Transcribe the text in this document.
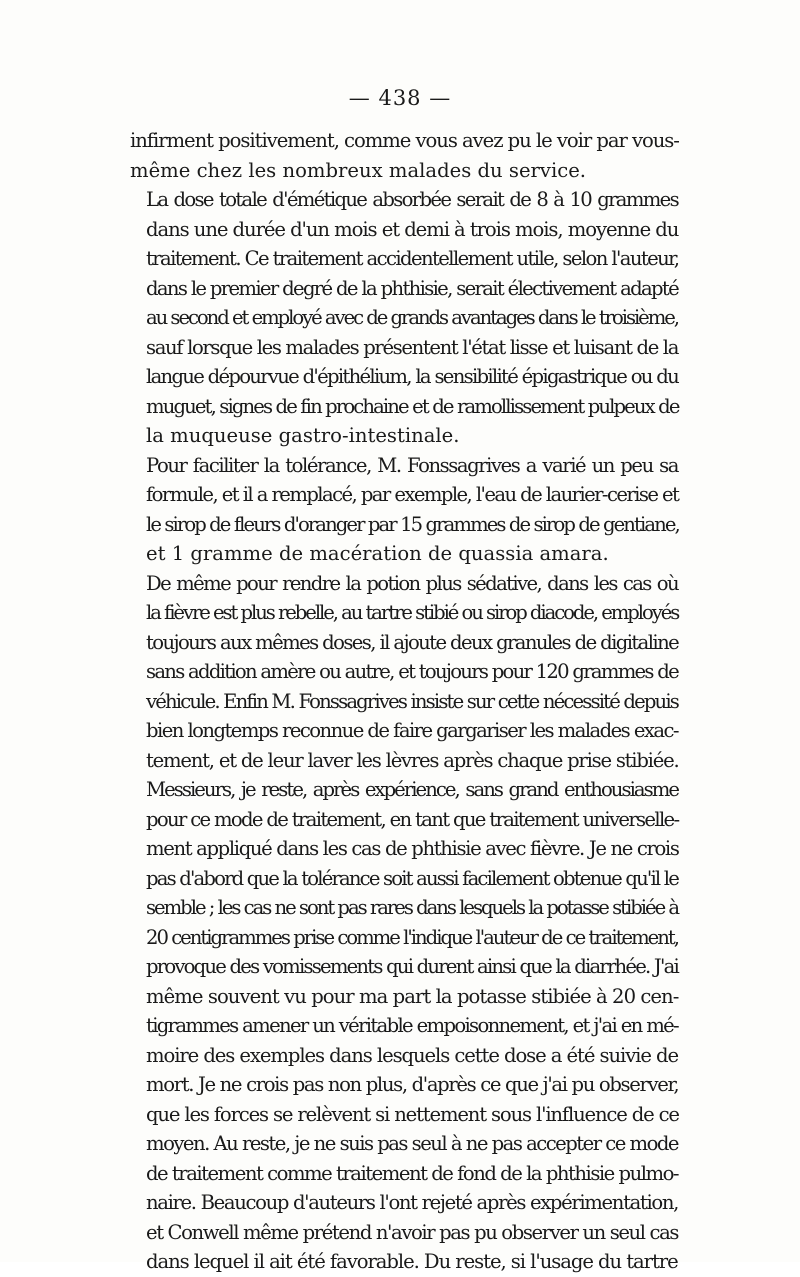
— 438 —
infirment positivement, comme vous avez pu le voir par vous-
même chez les nombreux malades du service.
La dose totale d'émétique absorbée serait de 8 à 10 grammes
dans une durée d'un mois et demi à trois mois, moyenne du
traitement. Ce traitement accidentellement utile, selon l'auteur,
dans le premier degré de la phthisie, serait électivement adapté
au second et employé avec de grands avantages dans le troisième,
sauf lorsque les malades présentent l'état lisse et luisant de la
langue dépourvue d'épithélium, la sensibilité épigastrique ou du
muguet, signes de fin prochaine et de ramollissement pulpeux de
la muqueuse gastro-intestinale.
Pour faciliter la tolérance, M. Fonssagrives a varié un peu sa
formule, et il a remplacé, par exemple, l'eau de laurier-cerise et
le sirop de fleurs d'oranger par 15 grammes de sirop de gentiane,
et 1 gramme de macération de quassia amara.
De même pour rendre la potion plus sédative, dans les cas où
la fièvre est plus rebelle, au tartre stibié ou sirop diacode, employés
toujours aux mêmes doses, il ajoute deux granules de digitaline
sans addition amère ou autre, et toujours pour 120 grammes de
véhicule. Enfin M. Fonssagrives insiste sur cette nécessité depuis
bien longtemps reconnue de faire gargariser les malades exac-
tement, et de leur laver les lèvres après chaque prise stibiée.
Messieurs, je reste, après expérience, sans grand enthousiasme
pour ce mode de traitement, en tant que traitement universelle-
ment appliqué dans les cas de phthisie avec fièvre. Je ne crois
pas d'abord que la tolérance soit aussi facilement obtenue qu'il le
semble ; les cas ne sont pas rares dans lesquels la potasse stibiée à
20 centigrammes prise comme l'indique l'auteur de ce traitement,
provoque des vomissements qui durent ainsi que la diarrhée. J'ai
même souvent vu pour ma part la potasse stibiée à 20 cen-
tigrammes amener un véritable empoisonnement, et j'ai en mé-
moire des exemples dans lesquels cette dose a été suivie de
mort. Je ne crois pas non plus, d'après ce que j'ai pu observer,
que les forces se relèvent si nettement sous l'influence de ce
moyen. Au reste, je ne suis pas seul à ne pas accepter ce mode
de traitement comme traitement de fond de la phthisie pulmo-
naire. Beaucoup d'auteurs l'ont rejeté après expérimentation,
et Conwell même prétend n'avoir pas pu observer un seul cas
dans lequel il ait été favorable. Du reste, si l'usage du tartre
